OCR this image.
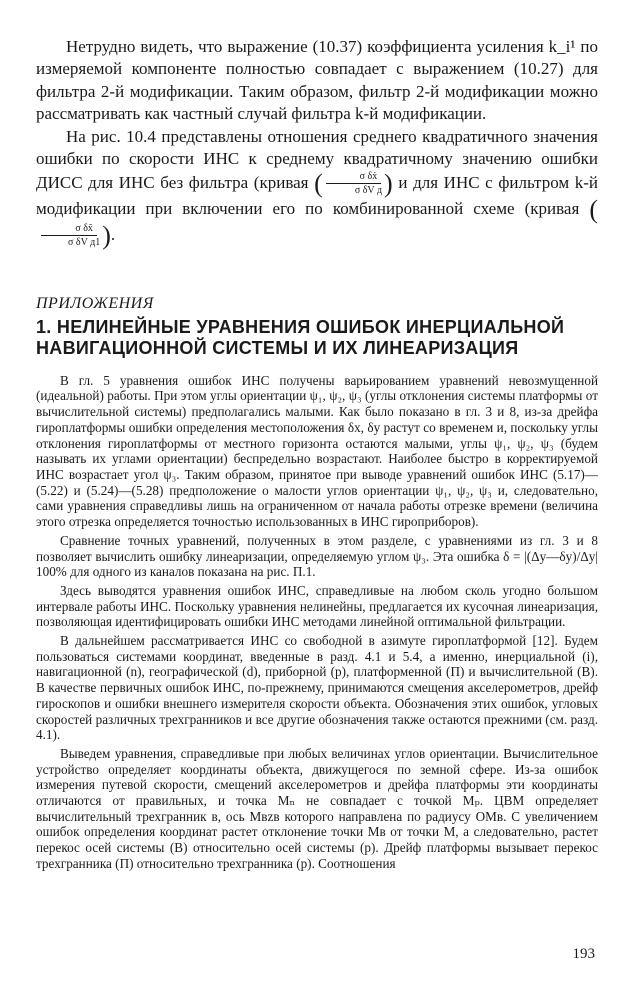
Нетрудно видеть, что выражение (10.37) коэффициента усиления k_i¹ по измеряемой компоненте полностью совпадает с выражением (10.27) для фильтра 2-й модификации. Таким образом, фильтр 2-й модификации можно рассматривать как частный случай фильтра k-й модификации.

На рис. 10.4 представлены отношения среднего квадратичного значения ошибки по скорости ИНС к среднему квадратичному значению ошибки ДИСС для ИНС без фильтра (кривая ( $\frac{\text{σ δẋ}}{\text{σ δV д}}$ ) и для ИНС с фильтром k-й модификации при включении его по комбинированной схеме (кривая (
$\frac{\text{σ δx̃}}{\text{σ δV д1}}$ ).

ПРИЛОЖЕНИЯ
1. НЕЛИНЕЙНЫЕ УРАВНЕНИЯ ОШИБОК ИНЕРЦИАЛЬНОЙ НАВИГАЦИОННОЙ СИСТЕМЫ И ИХ ЛИНЕАРИЗАЦИЯ

В гл. 5 уравнения ошибок ИНС получены варьированием уравнений невозмущенной (идеальной) работы. При этом углы ориентации ψ₁, ψ₂, ψ₃ (углы отклонения системы платформы от вычислительной системы) предполагались малыми. Как было показано в гл. 3 и 8, из-за дрейфа гироплатформы ошибки определения местоположения δx, δy растут со временем и, поскольку углы отклонения гироплатформы от местного горизонта остаются малыми, углы ψ₁, ψ₂, ψ₃ (будем называть их углами ориентации) беспредельно возрастают. Наиболее быстро в корректируемой ИНС возрастает угол ψ₃. Таким образом, принятое при выводе уравнений ошибок ИНС (5.17)—(5.22) и (5.24)—(5.28) предположение о малости углов ориентации ψ₁, ψ₂, ψ₃ и, следовательно, сами уравнения справедливы лишь на ограниченном от начала работы отрезке времени (величина этого отрезка определяется точностью использованных в ИНС гироприборов).

Сравнение точных уравнений, полученных в этом разделе, с уравнениями из гл. 3 и 8 позволяет вычислить ошибку линеаризации, определяемую углом ψ₃. Эта ошибка δ = |(Δy—δy)/Δy| 100% для одного из каналов показана на рис. П.1.

Здесь выводятся уравнения ошибок ИНС, справедливые на любом сколь угодно большом интервале работы ИНС. Поскольку уравнения нелинейны, предлагается их кусочная линеаризация, позволяющая идентифицировать ошибки ИНС методами линейной оптимальной фильтрации.

В дальнейшем рассматривается ИНС со свободной в азимуте гироплатформой [12]. Будем пользоваться системами координат, введенные в разд. 4.1 и 5.4, а именно, инерциальной (i), навигационной (n), географической (d), приборной (p), платформенной (П) и вычислительной (В). В качестве первичных ошибок ИНС, по-прежнему, принимаются смещения акселерометров, дрейф гироскопов и ошибки внешнего измерителя скорости объекта. Обозначения этих ошибок, угловых скоростей различных трехгранников и все другие обозначения также остаются прежними (см. разд. 4.1).

Выведем уравнения, справедливые при любых величинах углов ориентации. Вычислительное устройство определяет координаты объекта, движущегося по земной сфере. Из-за ошибок измерения путевой скорости, смещений акселерометров и дрейфа платформы эти координаты отличаются от правильных, и точка Mₙ не совпадает с точкой Mₚ. ЦВМ определяет вычислительный трехгранник в, ось Mвzв которого направлена по радиусу OMв. С увеличением ошибок определения координат растет отклонение точки Mв от точки M, а следовательно, растет перекос осей системы (В) относительно осей системы (p). Дрейф платформы вызывает перекос трехгранника (П) относительно трехгранника (p). Соотношения

193
